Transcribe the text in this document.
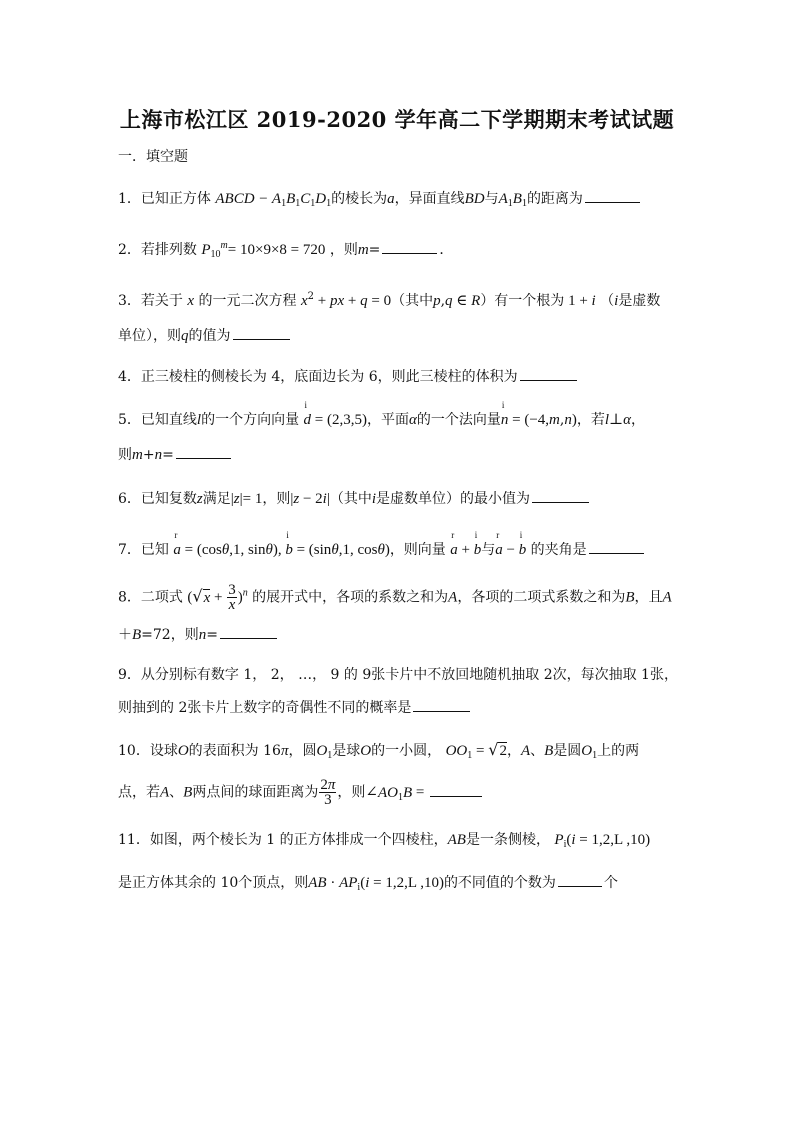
上海市松江区 2019-2020 学年高二下学期期末考试试题
一．填空题
1．已知正方体 ABCD − $A_1B_1C_1D_1$的棱长为a，异面直线BD与$A_1B_1$的距离为
2．若排列数 $P_{10}^m= 10\times 9\times 8 = 720$ ，则m=	．
3．若关于 x 的一元二次方程 $x^2$ + px + q = 0（其中p,q ∈ R）有一个根为 1 + i （i是虚数
单位），则q的值为
4．正三棱柱的侧棱长为 4，底面边长为 6，则此三棱柱的体积为
5．已知直线l的一个方向向量 i d = (2,3,5)，平面α的一个法向量i n = (−4,m,n)，若l⊥α，
则m+n=
6．已知复数z满足|z|= 1，则|z − 2i|（其中i是虚数单位）的最小值为
7．已知 r a = (cosθ,1, sinθ), i b = (sinθ,1, cosθ)，则向量 r a + i b与r a − i b 的夹角是
8．二项式 $(√x + \frac{3}{x} )^n$ 的展开式中，各项的系数之和为A，各项的二项式系数之和为B，且A
＋B=72，则n=
9．从分别标有数字 1， 2， …， 9 的 9张卡片中不放回地随机抽取 2次，每次抽取 1张，
则抽到的 2张卡片上数字的奇偶性不同的概率是
10．设球O的表面积为 16π，圆$O_1$是球O的一小圆， $OO_1 = √2$，A、B是圆$O_1$上的两
点，若A、B两点间的球面距离为 $\frac{2\pi}{3}$ ，则$\angle AO_1B$ =
11．如图，两个棱长为 1 的正方体排成一个四棱柱，AB是一条侧棱， $P_i(i = 1,2,L$ ,10)
是正方体其余的 10个顶点，则AB · $AP_i(i = 1,2,L$ ,10)的不同值的个数为	个
